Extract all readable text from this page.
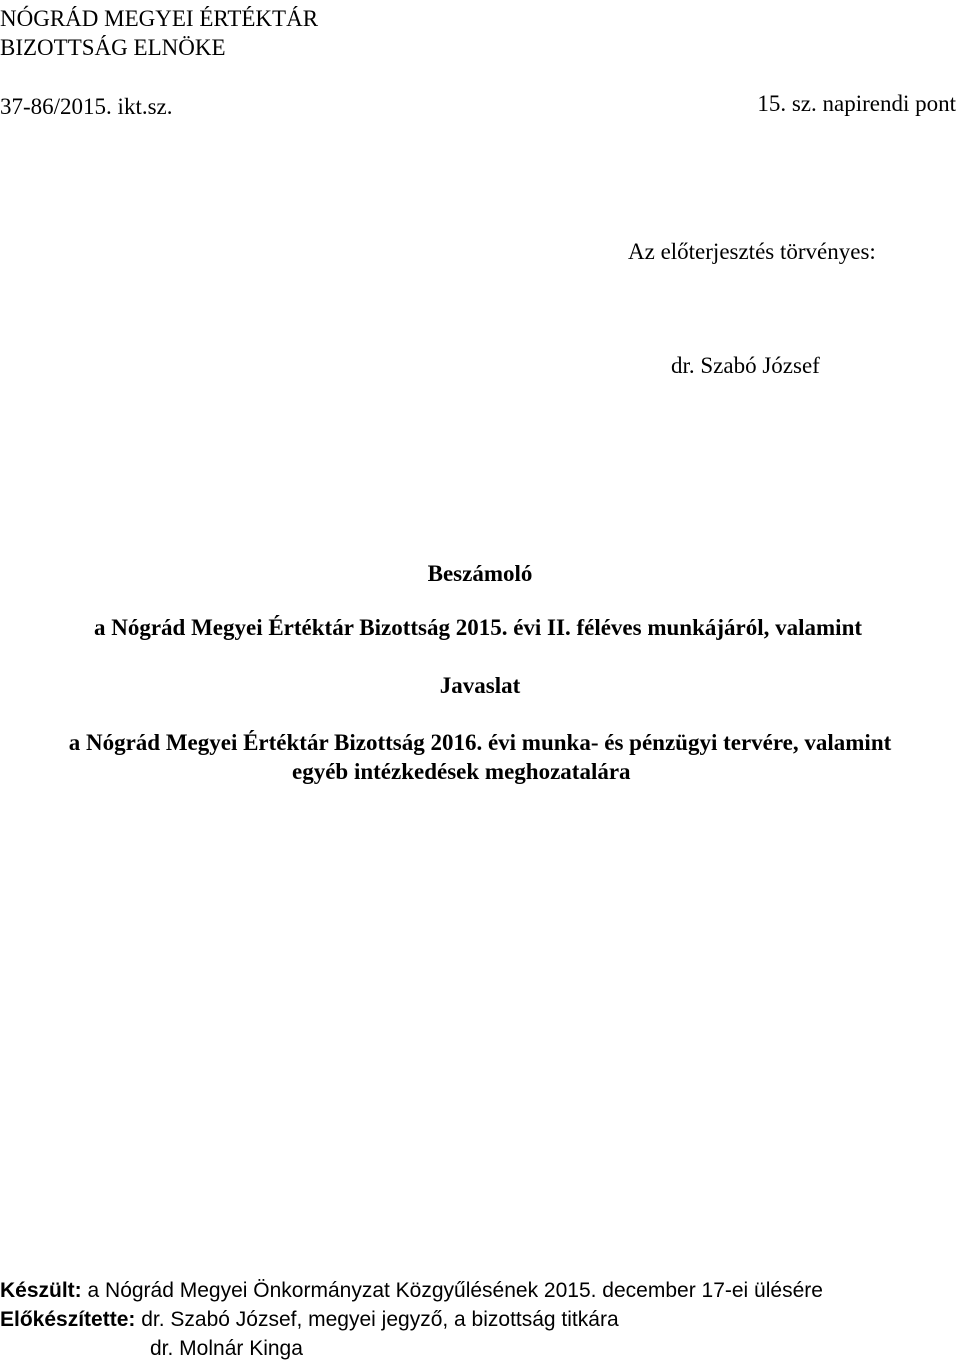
NÓGRÁD MEGYEI ÉRTÉKTÁR
BIZOTTSÁG ELNÖKE
37-86/2015. ikt.sz.	15. sz. napirendi pont
Az előterjesztés törvényes:
dr. Szabó József
Beszámoló
a Nógrád Megyei Értéktár Bizottság 2015. évi II. féléves munkájáról, valamint
Javaslat
a Nógrád Megyei Értéktár Bizottság 2016. évi munka- és pénzügyi tervére, valamint
egyéb intézkedések meghozatalára
Készült: a Nógrád Megyei Önkormányzat Közgyűlésének 2015. december 17-ei ülésére
Előkészítette: dr. Szabó József, megyei jegyző, a bizottság titkára
dr. Molnár Kinga
